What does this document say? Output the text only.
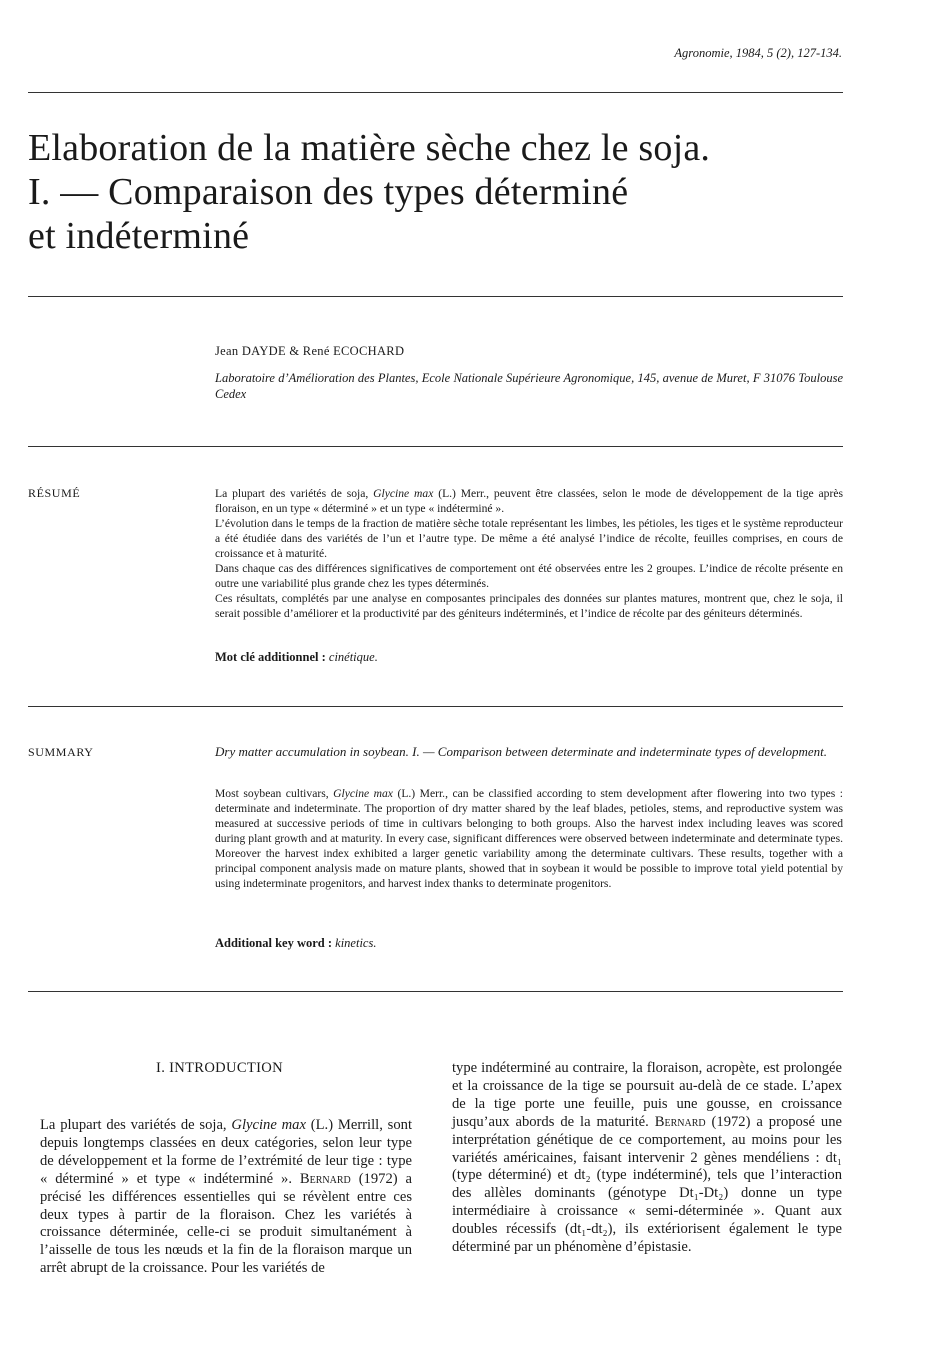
Agronomie, 1984, 5 (2), 127-134.
Elaboration de la matière sèche chez le soja.
I. — Comparaison des types déterminé
et indéterminé
Jean DAYDE & René ECOCHARD
Laboratoire d’Amélioration des Plantes, Ecole Nationale Supérieure Agronomique, 145, avenue de Muret, F 31076 Toulouse Cedex
RÉSUMÉ	La plupart des variétés de soja, Glycine max (L.) Merr., peuvent être classées, selon le mode de développement de la tige après floraison, en un type « déterminé » et un type « indéterminé ».

L’évolution dans le temps de la fraction de matière sèche totale représentant les limbes, les pétioles, les tiges et le système reproducteur a été étudiée dans des variétés de l’un et l’autre type. De même a été analysé l’indice de récolte, feuilles comprises, en cours de croissance et à maturité.

Dans chaque cas des différences significatives de comportement ont été observées entre les 2 groupes. L’indice de récolte présente en outre une variabilité plus grande chez les types déterminés.

Ces résultats, complétés par une analyse en composantes principales des données sur plantes matures, montrent que, chez le soja, il serait possible d’améliorer et la productivité par des géniteurs indéterminés, et l’indice de récolte par des géniteurs déterminés.

Mot clé additionnel : cinétique.
SUMMARY	Dry matter accumulation in soybean. I. — Comparison between determinate and indeterminate types of development.

Most soybean cultivars, Glycine max (L.) Merr., can be classified according to stem development after flowering into two types : determinate and indeterminate. The proportion of dry matter shared by the leaf blades, petioles, stems, and reproductive system was measured at successive periods of time in cultivars belonging to both groups. Also the harvest index including leaves was scored during plant growth and at maturity. In every case, significant differences were observed between indeterminate and determinate types. Moreover the harvest index exhibited a larger genetic variability among the determinate cultivars. These results, together with a principal component analysis made on mature plants, showed that in soybean it would be possible to improve total yield potential by using indeterminate progenitors, and harvest index thanks to determinate progenitors.

Additional key word : kinetics.
I. INTRODUCTION

La plupart des variétés de soja, Glycine max (L.) Merrill, sont depuis longtemps classées en deux catégories, selon leur type de développement et la forme de l’extrémité de leur tige : type « déterminé » et type « indéterminé ». Bernard (1972) a précisé les différences essentielles qui se révèlent entre ces deux types à partir de la floraison. Chez les variétés à croissance déterminée, celle-ci se produit simultanément à l’aisselle de tous les nœuds et la fin de la floraison marque un arrêt abrupt de la croissance. Pour les variétés de

type indéterminé au contraire, la floraison, acropète, est prolongée et la croissance de la tige se poursuit au-delà de ce stade. L’apex de la tige porte une feuille, puis une gousse, en croissance jusqu’aux abords de la maturité. Bernard (1972) a proposé une interprétation génétique de ce comportement, au moins pour les variétés américaines, faisant intervenir 2 gènes mendéliens : dt₁ (type déterminé) et dt₂ (type indéterminé), tels que l’interaction des allèles dominants (génotype Dt₁-Dt₂) donne un type intermédiaire à croissance « semi-déterminée ». Quant aux doubles récessifs (dt₁-dt₂), ils extériorisent également le type déterminé par un phénomène d’épistasie.
